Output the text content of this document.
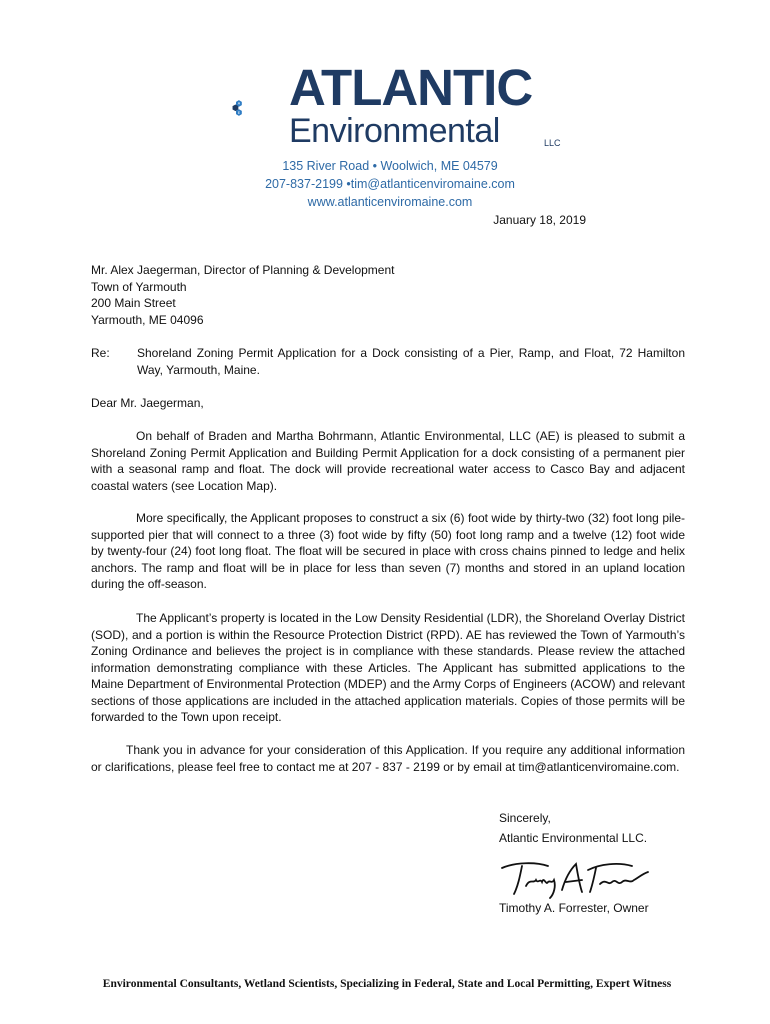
A
E ATLANTIC
Environmental	LLC
135 River Road • Woolwich, ME 04579
207-837-2199 •tim@atlanticenviromaine.com
www.atlanticenviromaine.com
January 18, 2019
Mr. Alex Jaegerman, Director of Planning & Development
Town of Yarmouth
200 Main Street
Yarmouth, ME 04096
Re: Shoreland Zoning Permit Application for a Dock consisting of a Pier, Ramp, and Float, 72 Hamilton Way, Yarmouth, Maine.
Dear Mr. Jaegerman,
On behalf of Braden and Martha Bohrmann, Atlantic Environmental, LLC (AE) is pleased to submit a Shoreland Zoning Permit Application and Building Permit Application for a dock consisting of a permanent pier with a seasonal ramp and float. The dock will provide recreational water access to Casco Bay and adjacent coastal waters (see Location Map).
More specifically, the Applicant proposes to construct a six (6) foot wide by thirty-two (32) foot long pile-supported pier that will connect to a three (3) foot wide by fifty (50) foot long ramp and a twelve (12) foot wide by twenty-four (24) foot long float. The float will be secured in place with cross chains pinned to ledge and helix anchors. The ramp and float will be in place for less than seven (7) months and stored in an upland location during the off-season.
The Applicant’s property is located in the Low Density Residential (LDR), the Shoreland Overlay District (SOD), and a portion is within the Resource Protection District (RPD). AE has reviewed the Town of Yarmouth’s Zoning Ordinance and believes the project is in compliance with these standards. Please review the attached information demonstrating compliance with these Articles. The Applicant has submitted applications to the Maine Department of Environmental Protection (MDEP) and the Army Corps of Engineers (ACOW) and relevant sections of those applications are included in the attached application materials. Copies of those permits will be forwarded to the Town upon receipt.
Thank you in advance for your consideration of this Application. If you require any additional information or clarifications, please feel free to contact me at 207 - 837 - 2199 or by email at tim@atlanticenviromaine.com.
Sincerely,
Atlantic Environmental LLC.
Timothy A. Forrester, Owner
Environmental Consultants, Wetland Scientists, Specializing in Federal, State and Local Permitting, Expert Witness
